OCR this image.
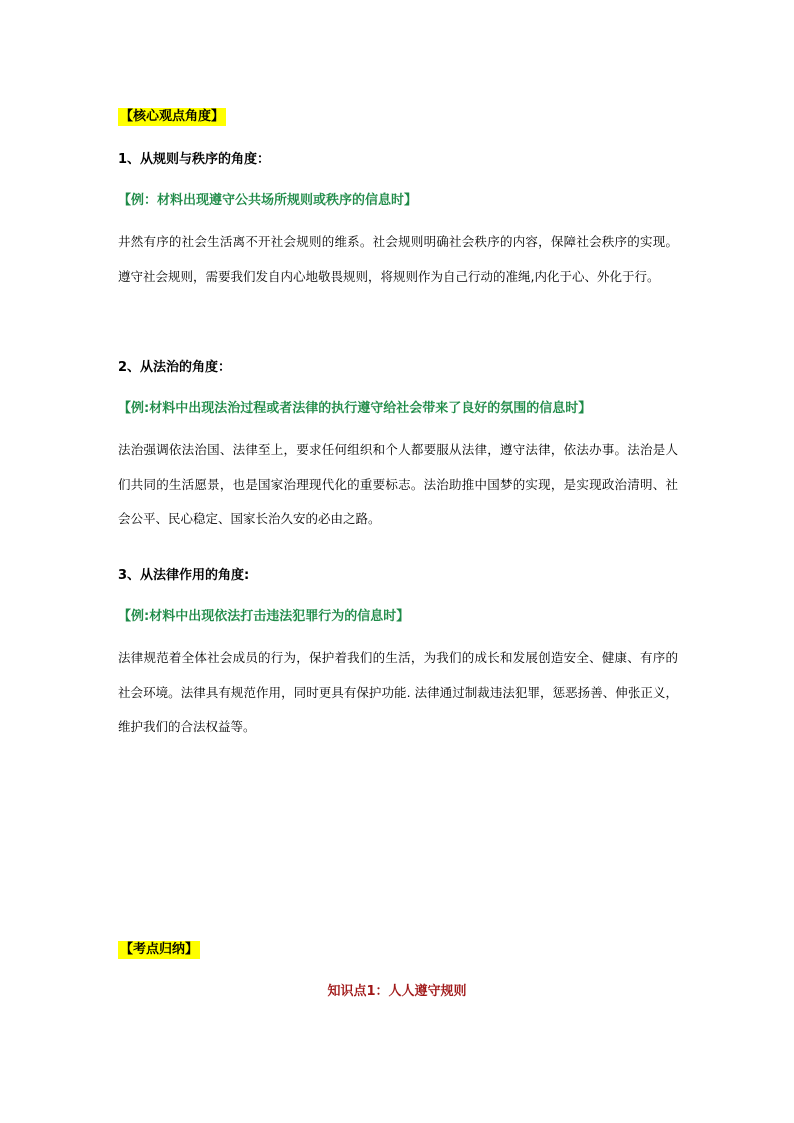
【核心观点角度】
1、从规则与秩序的角度：
【例：材料出现遵守公共场所规则或秩序的信息时】
井然有序的社会生活离不开社会规则的维系。社会规则明确社会秩序的内容，保障社会秩序的实现。遵守社会规则，需要我们发自内心地敬畏规则，将规则作为自己行动的准绳,内化于心、外化于行。
2、从法治的角度：
【例:材料中出现法治过程或者法律的执行遵守给社会带来了良好的氛围的信息时】
法治强调依法治国、法律至上，要求任何组织和个人都要服从法律，遵守法律，依法办事。法治是人们共同的生活愿景，也是国家治理现代化的重要标志。法治助推中国梦的实现，是实现政治清明、社会公平、民心稳定、国家长治久安的必由之路。
3、从法律作用的角度:
【例:材料中出现依法打击违法犯罪行为的信息时】
法律规范着全体社会成员的行为，保护着我们的生活，为我们的成长和发展创造安全、健康、有序的社会环境。法律具有规范作用，同时更具有保护功能. 法律通过制裁违法犯罪，惩恶扬善、伸张正义，维护我们的合法权益等。
【考点归纳】
知识点1：人人遵守规则
